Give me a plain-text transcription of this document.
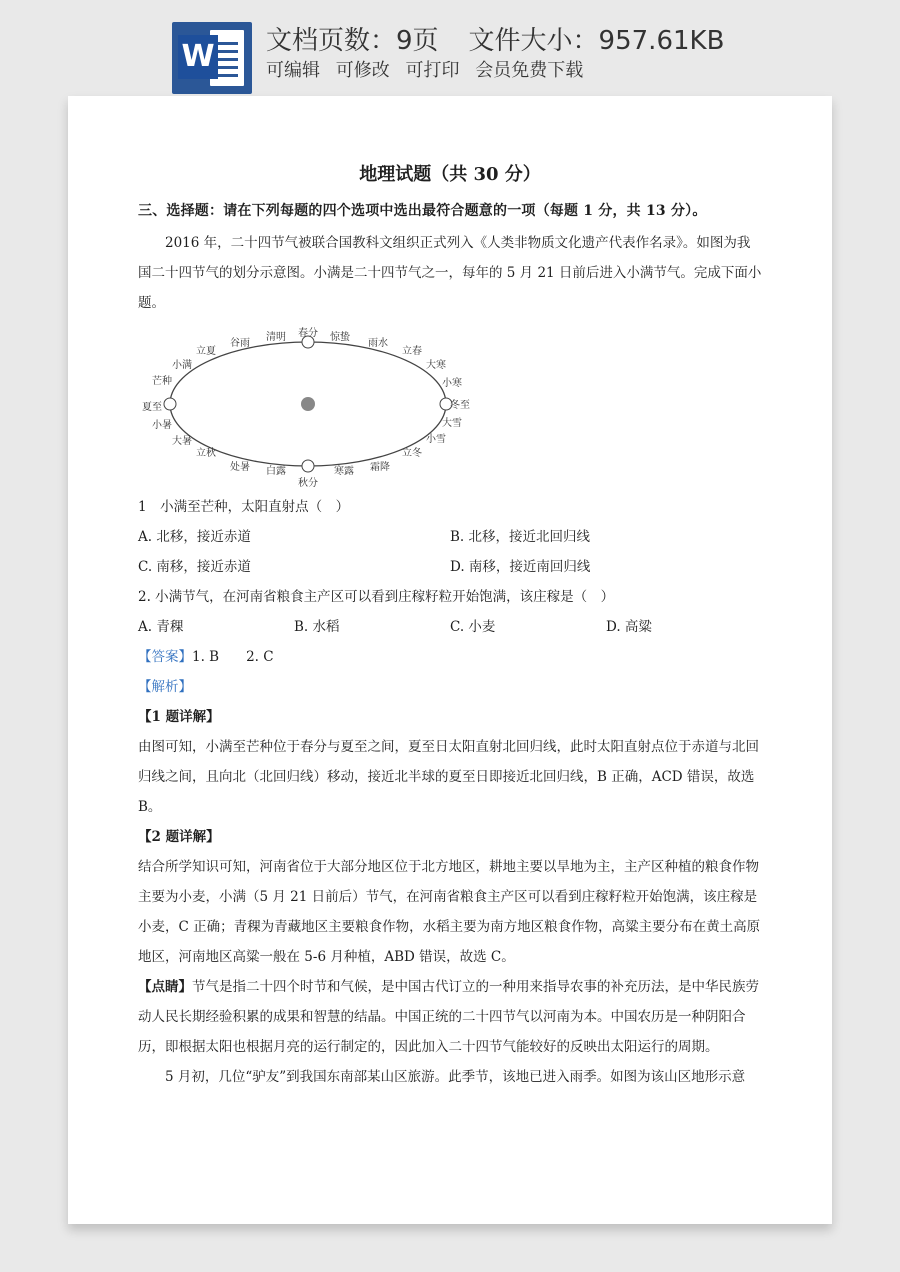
W 文档页数：9页 文件大小：957.61KB
可编辑 可修改 可打印 会员免费下载
地理试题（共 30 分）
三、选择题：请在下列每题的四个选项中选出最符合题意的一项（每题 1 分，共 13 分）。

2016 年，二十四节气被联合国教科文组织正式列入《人类非物质文化遗产代表作名录》。如图为我国二十四节气的划分示意图。小满是二十四节气之一，每年的 5 月 21 日前后进入小满节气。完成下面小题。

春分
清明
谷雨
立夏
小满
芒种
夏至
小暑
大暑
立秋
处暑 白露
秋分
寒露 霜降
立冬
小雪
大雪
冬至
小寒
大寒
立春
雨水
惊蛰

1　 小满至芒种，太阳直射点（　）

A. 北移，接近赤道	B. 北移，接近北回归线
C. 南移，接近赤道	D. 南移，接近南回归线

2. 小满节气，在河南省粮食主产区可以看到庄稼籽粒开始饱满，该庄稼是（　）

A. 青稞	B. 水稻	C. 小麦	D. 高粱

【答案】1. B　　2. C

【解析】

【1 题详解】

由图可知，小满至芒种位于春分与夏至之间，夏至日太阳直射北回归线，此时太阳直射点位于赤道与北回归线之间，且向北（北回归线）移动，接近北半球的夏至日即接近北回归线，B 正确，ACD 错误，故选 B。

【2 题详解】

结合所学知识可知，河南省位于大部分地区位于北方地区，耕地主要以旱地为主，主产区种植的粮食作物主要为小麦，小满（5 月 21 日前后）节气，在河南省粮食主产区可以看到庄稼籽粒开始饱满，该庄稼是小麦，C 正确；青稞为青藏地区主要粮食作物，水稻主要为南方地区粮食作物，高粱主要分布在黄土高原地区，河南地区高粱一般在 5-6 月种植，ABD 错误，故选 C。

【点睛】节气是指二十四个时节和气候，是中国古代订立的一种用来指导农事的补充历法，是中华民族劳动人民长期经验积累的成果和智慧的结晶。中国正统的二十四节气以河南为本。中国农历是一种阴阳合历，即根据太阳也根据月亮的运行制定的，因此加入二十四节气能较好的反映出太阳运行的周期。

5 月初，几位“驴友”到我国东南部某山区旅游。此季节，该地已进入雨季。如图为该山区地形示意
